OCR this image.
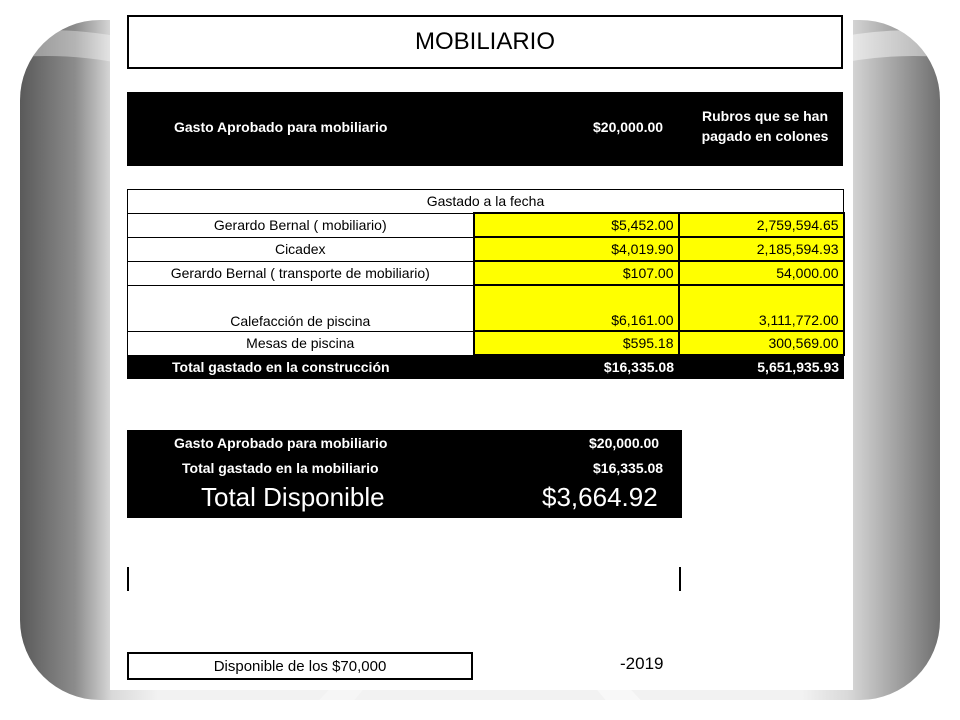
MOBILIARIO
Gasto Aprobado para mobiliario	$20,000.00
Rubros que se han
pagado en colones
Gastado a la fecha		
Gerardo Bernal ( mobiliario)	$5,452.00	2,759,594.65
Cicadex	$4,019.90	2,185,594.93
Gerardo Bernal ( transporte de mobiliario)	$107.00	54,000.00
Calefacción de piscina	$6,161.00	3,111,772.00
Mesas de piscina	$595.18	300,569.00
Total gastado en la construcción	$16,335.08	5,651,935.93
Gasto Aprobado para mobiliario	$20,000.00
Total gastado en la mobiliario	$16,335.08
Total Disponible	$3,664.92
Disponible de los $70,000	-2019
